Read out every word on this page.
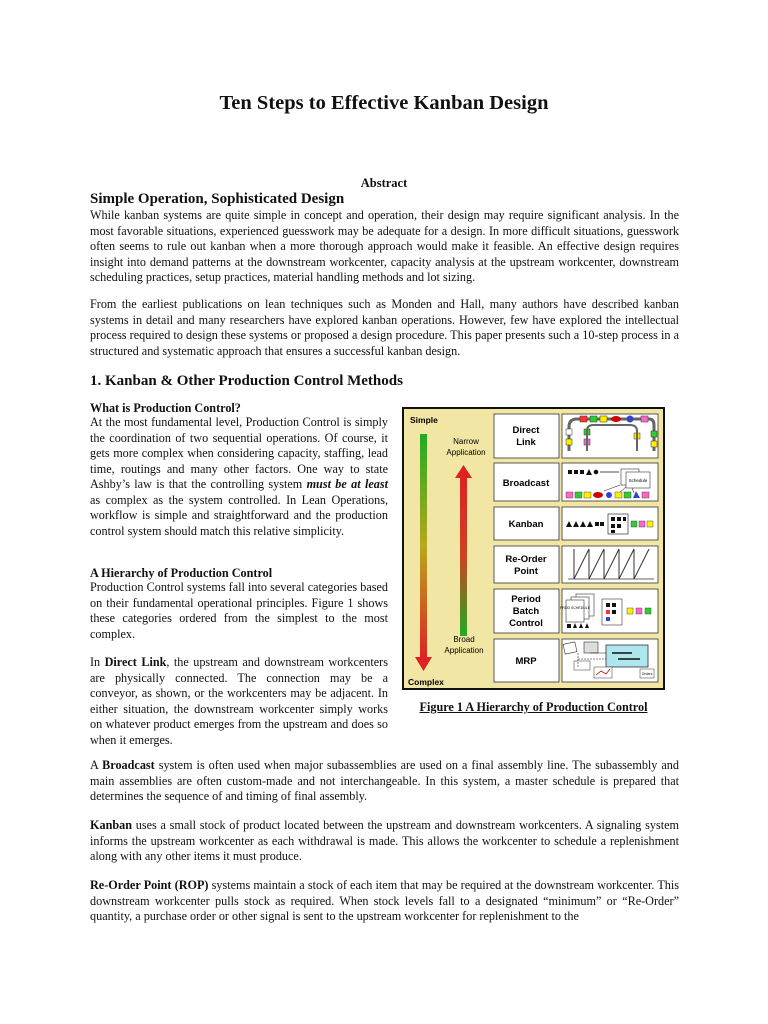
Ten Steps to Effective Kanban Design
Abstract
Simple Operation, Sophisticated Design

While kanban systems are quite simple in concept and operation, their design may require significant analysis. In the most favorable situations, experienced guesswork may be adequate for a design. In more difficult situations, guesswork often seems to rule out kanban when a more thorough approach would make it feasible. An effective design requires insight into demand patterns at the downstream workcenter, capacity analysis at the upstream workcenter, downstream scheduling practices, setup practices, material handling methods and lot sizing.

From the earliest publications on lean techniques such as Monden and Hall, many authors have described kanban systems in detail and many researchers have explored kanban operations. However, few have explored the intellectual process required to design these systems or proposed a design procedure. This paper presents such a 10-step process in a structured and systematic approach that ensures a successful kanban design.

1. Kanban & Other Production Control Methods
What is Production Control?

At the most fundamental level, Production Control is simply the coordination of two sequential operations. Of course, it gets more complex when considering capacity, staffing, lead time, routings and many other factors. One way to state Ashby’s law is that the controlling system must be at least as complex as the system controlled. In Lean Operations, workflow is simple and straightforward and the production control system should match this relative simplicity.

A Hierarchy of Production Control

Production Control systems fall into several categories based on their fundamental operational principles. Figure 1 shows these categories ordered from the simplest to the most complex.

In Direct Link, the upstream and downstream workcenters are physically connected. The connection may be a conveyor, as shown, or the workcenters may be adjacent. In either situation, the downstream workcenter simply works on whatever product emerges from the upstream and does so when it emerges.

A Broadcast system is often used when major subassemblies are used on a final assembly line. The subassembly and main assemblies are often custom-made and not interchangeable. In this system, a master schedule is prepared that determines the sequence of and timing of final assembly.

Kanban uses a small stock of product located between the upstream and downstream workcenters. A signaling system informs the upstream workcenter as each withdrawal is made. This allows the workcenter to schedule a replenishment along with any other items it must produce.

Re-Order Point (ROP) systems maintain a stock of each item that may be required at the downstream workcenter. This downstream workcenter pulls stock as required. When stock levels fall to a designated “minimum” or “Re-Order” quantity, a purchase order or other signal is sent to the upstream workcenter for replenishment to the

Simple
Complex
Narrow
Application
Broad
Application
Direct
Link
Broadcast
Kanban
Re-Order
Point
Period
Batch
Control
MRP
Schedule
PROD SCHEDULE
Orders
Figure 1 A Hierarchy of Production Control
